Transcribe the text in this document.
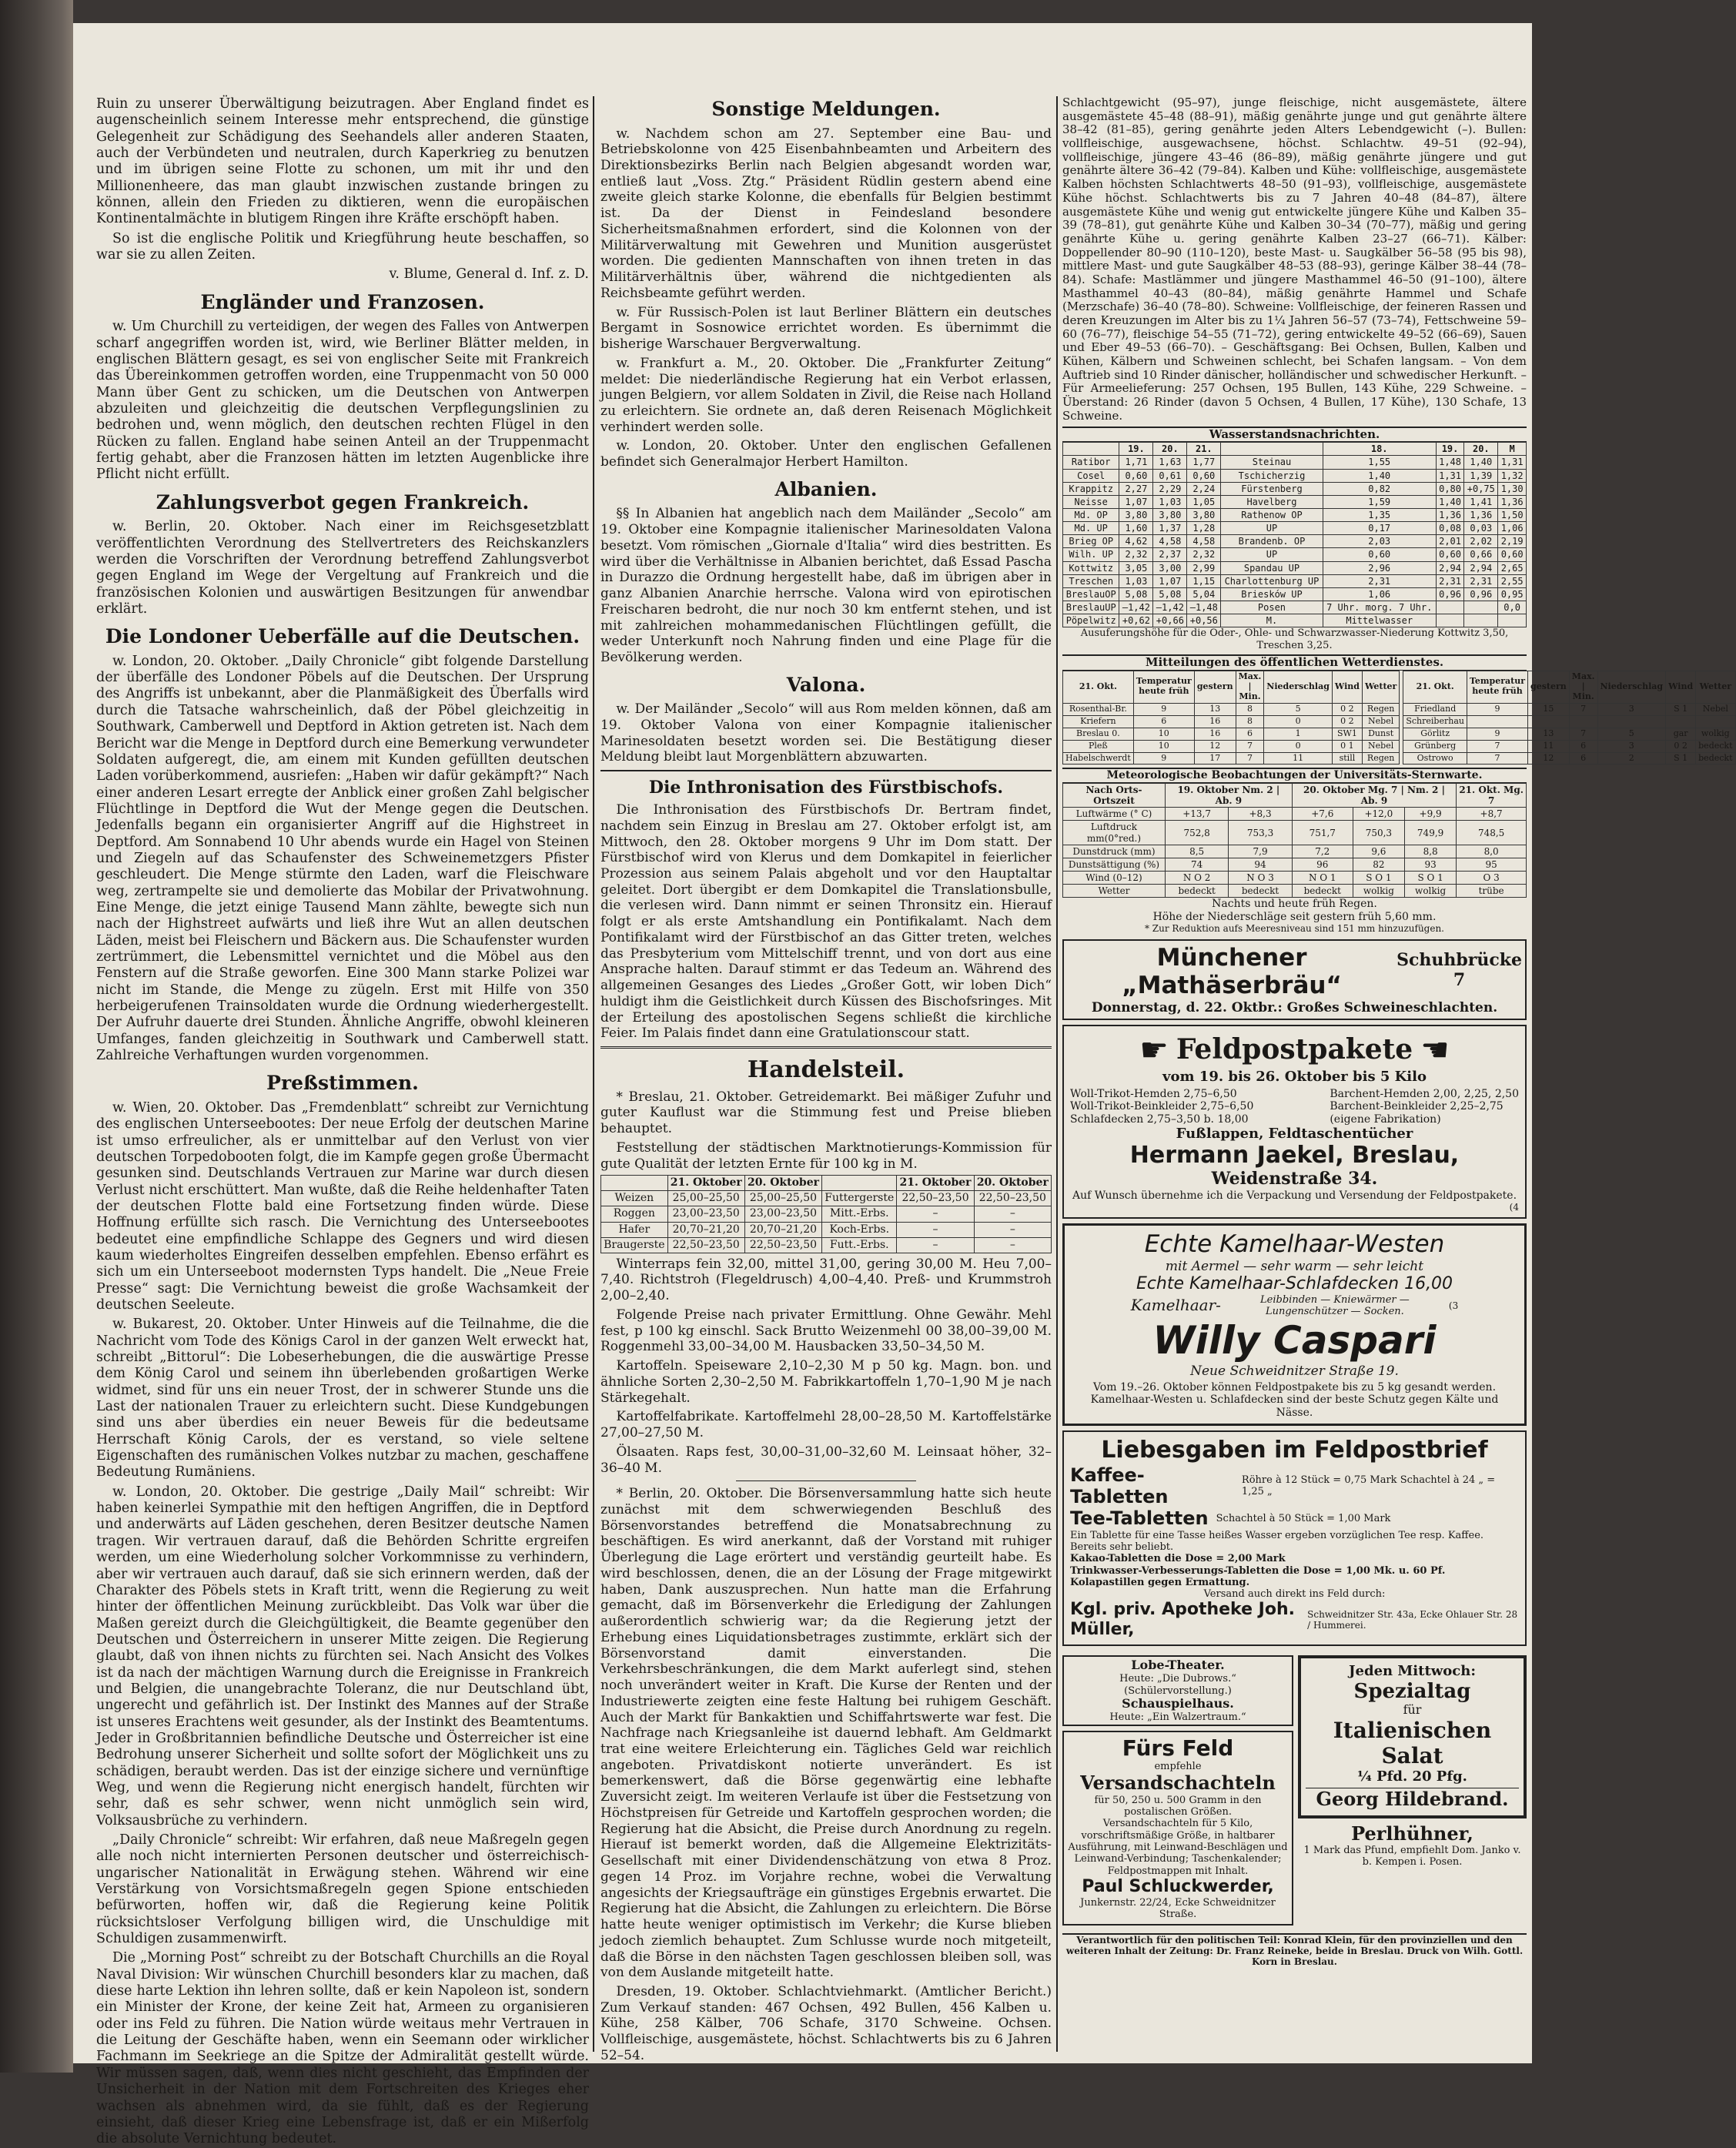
Ruin zu unserer Überwältigung beizutragen. Aber England findet es augenscheinlich seinem Interesse mehr entsprechend, die günstige Gelegenheit zur Schädigung des Seehandels aller anderen Staaten, auch der Verbündeten und neutralen, durch Kaperkrieg zu benutzen und im übrigen seine Flotte zu schonen, um mit ihr und den Millionenheere, das man glaubt inzwischen zustande bringen zu können, allein den Frieden zu diktieren, wenn die europäischen Kontinentalmächte in blutigem Ringen ihre Kräfte erschöpft haben.

So ist die englische Politik und Kriegführung heute beschaffen, so war sie zu allen Zeiten.

v. Blume, General d. Inf. z. D.
Engländer und Franzosen.

w. Um Churchill zu verteidigen, der wegen des Falles von Antwerpen scharf angegriffen worden ist, wird, wie Berliner Blätter melden, in englischen Blättern gesagt, es sei von englischer Seite mit Frankreich das Übereinkommen getroffen worden, eine Truppenmacht von 50 000 Mann über Gent zu schicken, um die Deutschen von Antwerpen abzuleiten und gleichzeitig die deutschen Verpflegungslinien zu bedrohen und, wenn möglich, den deutschen rechten Flügel in den Rücken zu fallen. England habe seinen Anteil an der Truppenmacht fertig gehabt, aber die Franzosen hätten im letzten Augenblicke ihre Pflicht nicht erfüllt.

Zahlungsverbot gegen Frankreich.

w. Berlin, 20. Oktober. Nach einer im Reichsgesetzblatt veröffentlichten Verordnung des Stellvertreters des Reichskanzlers werden die Vorschriften der Verordnung betreffend Zahlungsverbot gegen England im Wege der Vergeltung auf Frankreich und die französischen Kolonien und auswärtigen Besitzungen für anwendbar erklärt.

Die Londoner Ueberfälle auf die Deutschen.

w. London, 20. Oktober. „Daily Chronicle“ gibt folgende Darstellung der überfälle des Londoner Pöbels auf die Deutschen. Der Ursprung des Angriffs ist unbekannt, aber die Planmäßigkeit des Überfalls wird durch die Tatsache wahrscheinlich, daß der Pöbel gleichzeitig in Southwark, Camberwell und Deptford in Aktion getreten ist. Nach dem Bericht war die Menge in Deptford durch eine Bemerkung verwundeter Soldaten aufgeregt, die, am einem mit Kunden gefüllten deutschen Laden vorüberkommend, ausriefen: „Haben wir dafür gekämpft?“ Nach einer anderen Lesart erregte der Anblick einer großen Zahl belgischer Flüchtlinge in Deptford die Wut der Menge gegen die Deutschen. Jedenfalls begann ein organisierter Angriff auf die Highstreet in Deptford. Am Sonnabend 10 Uhr abends wurde ein Hagel von Steinen und Ziegeln auf das Schaufenster des Schweinemetzgers Pfister geschleudert. Die Menge stürmte den Laden, warf die Fleischware weg, zertrampelte sie und demolierte das Mobilar der Privatwohnung. Eine Menge, die jetzt einige Tausend Mann zählte, bewegte sich nun nach der Highstreet aufwärts und ließ ihre Wut an allen deutschen Läden, meist bei Fleischern und Bäckern aus. Die Schaufenster wurden zertrümmert, die Lebensmittel vernichtet und die Möbel aus den Fenstern auf die Straße geworfen. Eine 300 Mann starke Polizei war nicht im Stande, die Menge zu zügeln. Erst mit Hilfe von 350 herbeigerufenen Trainsoldaten wurde die Ordnung wiederhergestellt. Der Aufruhr dauerte drei Stunden. Ähnliche Angriffe, obwohl kleineren Umfanges, fanden gleichzeitig in Southwark und Camberwell statt. Zahlreiche Verhaftungen wurden vorgenommen.

Preßstimmen.

w. Wien, 20. Oktober. Das „Fremdenblatt“ schreibt zur Vernichtung des englischen Unterseebootes: Der neue Erfolg der deutschen Marine ist umso erfreulicher, als er unmittelbar auf den Verlust von vier deutschen Torpedobooten folgt, die im Kampfe gegen große Übermacht gesunken sind. Deutschlands Vertrauen zur Marine war durch diesen Verlust nicht erschüttert. Man wußte, daß die Reihe heldenhafter Taten der deutschen Flotte bald eine Fortsetzung finden würde. Diese Hoffnung erfüllte sich rasch. Die Vernichtung des Unterseebootes bedeutet eine empfindliche Schlappe des Gegners und wird diesen kaum wiederholtes Eingreifen desselben empfehlen. Ebenso erfährt es sich um ein Unterseeboot modernsten Typs handelt. Die „Neue Freie Presse“ sagt: Die Vernichtung beweist die große Wachsamkeit der deutschen Seeleute.

w. Bukarest, 20. Oktober. Unter Hinweis auf die Teilnahme, die die Nachricht vom Tode des Königs Carol in der ganzen Welt erweckt hat, schreibt „Bittorul“: Die Lobeserhebungen, die die auswärtige Presse dem König Carol und seinem ihn überlebenden großartigen Werke widmet, sind für uns ein neuer Trost, der in schwerer Stunde uns die Last der nationalen Trauer zu erleichtern sucht. Diese Kundgebungen sind uns aber überdies ein neuer Beweis für die bedeutsame Herrschaft König Carols, der es verstand, so viele seltene Eigenschaften des rumänischen Volkes nutzbar zu machen, geschaffene Bedeutung Rumäniens.

w. London, 20. Oktober. Die gestrige „Daily Mail“ schreibt: Wir haben keinerlei Sympathie mit den heftigen Angriffen, die in Deptford und anderwärts auf Läden geschehen, deren Besitzer deutsche Namen tragen. Wir vertrauen darauf, daß die Behörden Schritte ergreifen werden, um eine Wiederholung solcher Vorkommnisse zu verhindern, aber wir vertrauen auch darauf, daß sie sich erinnern werden, daß der Charakter des Pöbels stets in Kraft tritt, wenn die Regierung zu weit hinter der öffentlichen Meinung zurückbleibt. Das Volk war über die Maßen gereizt durch die Gleichgültigkeit, die Beamte gegenüber den Deutschen und Österreichern in unserer Mitte zeigen. Die Regierung glaubt, daß von ihnen nichts zu fürchten sei. Nach Ansicht des Volkes ist da nach der mächtigen Warnung durch die Ereignisse in Frankreich und Belgien, die unangebrachte Toleranz, die nur Deutschland übt, ungerecht und gefährlich ist. Der Instinkt des Mannes auf der Straße ist unseres Erachtens weit gesunder, als der Instinkt des Beamtentums. Jeder in Großbritannien befindliche Deutsche und Österreicher ist eine Bedrohung unserer Sicherheit und sollte sofort der Möglichkeit uns zu schädigen, beraubt werden. Das ist der einzige sichere und vernünftige Weg, und wenn die Regierung nicht energisch handelt, fürchten wir sehr, daß es sehr schwer, wenn nicht unmöglich sein wird, Volksausbrüche zu verhindern.

„Daily Chronicle“ schreibt: Wir erfahren, daß neue Maßregeln gegen alle noch nicht internierten Personen deutscher und österreichisch-ungarischer Nationalität in Erwägung stehen. Während wir eine Verstärkung von Vorsichtsmaßregeln gegen Spione entschieden befürworten, hoffen wir, daß die Regierung keine Politik rücksichtsloser Verfolgung billigen wird, die Unschuldige mit Schuldigen zusammenwirft.

Die „Morning Post“ schreibt zu der Botschaft Churchills an die Royal Naval Division: Wir wünschen Churchill besonders klar zu machen, daß diese harte Lektion ihn lehren sollte, daß er kein Napoleon ist, sondern ein Minister der Krone, der keine Zeit hat, Armeen zu organisieren oder ins Feld zu führen. Die Nation würde weitaus mehr Vertrauen in die Leitung der Geschäfte haben, wenn ein Seemann oder wirklicher Fachmann im Seekriege an die Spitze der Admiralität gestellt würde. Wir müssen sagen, daß, wenn dies nicht geschieht, das Empfinden der Unsicherheit in der Nation mit dem Fortschreiten des Krieges eher wachsen als abnehmen wird, da sie fühlt, daß es der Regierung einsieht, daß dieser Krieg eine Lebensfrage ist, daß er ein Mißerfolg die absolute Vernichtung bedeutet.

Sonstige Meldungen.

w. Nachdem schon am 27. September eine Bau- und Betriebskolonne von 425 Eisenbahnbeamten und Arbeitern des Direktionsbezirks Berlin nach Belgien abgesandt worden war, entließ laut „Voss. Ztg.“ Präsident Rüdlin gestern abend eine zweite gleich starke Kolonne, die ebenfalls für Belgien bestimmt ist. Da der Dienst in Feindesland besondere Sicherheitsmaßnahmen erfordert, sind die Kolonnen von der Militärverwaltung mit Gewehren und Munition ausgerüstet worden. Die gedienten Mannschaften von ihnen treten in das Militärverhältnis über, während die nichtgedienten als Reichsbeamte geführt werden.

w. Für Russisch-Polen ist laut Berliner Blättern ein deutsches Bergamt in Sosnowice errichtet worden. Es übernimmt die bisherige Warschauer Bergverwaltung.

w. Frankfurt a. M., 20. Oktober. Die „Frankfurter Zeitung“ meldet: Die niederländische Regierung hat ein Verbot erlassen, jungen Belgiern, vor allem Soldaten in Zivil, die Reise nach Holland zu erleichtern. Sie ordnete an, daß deren Reisenach Möglichkeit verhindert werden solle.

w. London, 20. Oktober. Unter den englischen Gefallenen befindet sich Generalmajor Herbert Hamilton.

Albanien.

§§ In Albanien hat angeblich nach dem Mailänder „Secolo“ am 19. Oktober eine Kompagnie italienischer Marinesoldaten Valona besetzt. Vom römischen „Giornale d'Italia“ wird dies bestritten. Es wird über die Verhältnisse in Albanien berichtet, daß Essad Pascha in Durazzo die Ordnung hergestellt habe, daß im übrigen aber in ganz Albanien Anarchie herrsche. Valona wird von epirotischen Freischaren bedroht, die nur noch 30 km entfernt stehen, und ist mit zahlreichen mohammedanischen Flüchtlingen gefüllt, die weder Unterkunft noch Nahrung finden und eine Plage für die Bevölkerung werden.

Valona.

w. Der Mailänder „Secolo“ will aus Rom melden können, daß am 19. Oktober Valona von einer Kompagnie italienischer Marinesoldaten besetzt worden sei. Die Bestätigung dieser Meldung bleibt laut Morgenblättern abzuwarten.

Die Inthronisation des Fürstbischofs.

Die Inthronisation des Fürstbischofs Dr. Bertram findet, nachdem sein Einzug in Breslau am 27. Oktober erfolgt ist, am Mittwoch, den 28. Oktober morgens 9 Uhr im Dom statt. Der Fürstbischof wird von Klerus und dem Domkapitel in feierlicher Prozession aus seinem Palais abgeholt und vor den Hauptaltar geleitet. Dort übergibt er dem Domkapitel die Translationsbulle, die verlesen wird. Dann nimmt er seinen Thronsitz ein. Hierauf folgt er als erste Amtshandlung ein Pontifikalamt. Nach dem Pontifikalamt wird der Fürstbischof an das Gitter treten, welches das Presbyterium vom Mittelschiff trennt, und von dort aus eine Ansprache halten. Darauf stimmt er das Tedeum an. Während des allgemeinen Gesanges des Liedes „Großer Gott, wir loben Dich“ huldigt ihm die Geistlichkeit durch Küssen des Bischofsringes. Mit der Erteilung des apostolischen Segens schließt die kirchliche Feier. Im Palais findet dann eine Gratulationscour statt.

Handelsteil.

* Breslau, 21. Oktober. Getreidemarkt. Bei mäßiger Zufuhr und guter Kauflust war die Stimmung fest und Preise blieben behauptet.

Feststellung der städtischen Marktnotierungs-Kommission für gute Qualität der letzten Ernte für 100 kg in M.

	21. Oktober	20. Oktober		21. Oktober	20. Oktober
Weizen	25,00–25,50	25,00–25,50	Futtergerste	22,50–23,50	22,50–23,50
Roggen	23,00–23,50	23,00–23,50	Mitt.-Erbs.	–	–
Hafer	20,70–21,20	20,70–21,20	Koch-Erbs.	–	–
Braugerste	22,50–23,50	22,50–23,50	Futt.-Erbs.	–	–

Winterraps fein 32,00, mittel 31,00, gering 30,00 M. Heu 7,00–7,40. Richtstroh (Flegeldrusch) 4,00–4,40. Preß- und Krummstroh 2,00–2,40.

Folgende Preise nach privater Ermittlung. Ohne Gewähr. Mehl fest, p 100 kg einschl. Sack Brutto Weizenmehl 00 38,00–39,00 M. Roggenmehl 33,00–34,00 M. Hausbacken 33,50–34,50 M.

Kartoffeln. Speiseware 2,10–2,30 M p 50 kg. Magn. bon. und ähnliche Sorten 2,30–2,50 M. Fabrikkartoffeln 1,70–1,90 M je nach Stärkegehalt.

Kartoffelfabrikate. Kartoffelmehl 28,00–28,50 M. Kartoffelstärke 27,00–27,50 M.

Ölsaaten. Raps fest, 30,00–31,00–32,60 M. Leinsaat höher, 32–36–40 M.

* Berlin, 20. Oktober. Die Börsenversammlung hatte sich heute zunächst mit dem schwerwiegenden Beschluß des Börsenvorstandes betreffend die Monatsabrechnung zu beschäftigen. Es wird anerkannt, daß der Vorstand mit ruhiger Überlegung die Lage erörtert und verständig geurteilt habe. Es wird beschlossen, denen, die an der Lösung der Frage mitgewirkt haben, Dank auszusprechen. Nun hatte man die Erfahrung gemacht, daß im Börsenverkehr die Erledigung der Zahlungen außerordentlich schwierig war; da die Regierung jetzt der Erhebung eines Liquidationsbetrages zustimmte, erklärt sich der Börsenvorstand damit einverstanden. Die Verkehrsbeschränkungen, die dem Markt auferlegt sind, stehen noch unverändert weiter in Kraft. Die Kurse der Renten und der Industriewerte zeigten eine feste Haltung bei ruhigem Geschäft. Auch der Markt für Bankaktien und Schiffahrtswerte war fest. Die Nachfrage nach Kriegsanleihe ist dauernd lebhaft. Am Geldmarkt trat eine weitere Erleichterung ein. Tägliches Geld war reichlich angeboten. Privatdiskont notierte unverändert. Es ist bemerkenswert, daß die Börse gegenwärtig eine lebhafte Zuversicht zeigt. Im weiteren Verlaufe ist über die Festsetzung von Höchstpreisen für Getreide und Kartoffeln gesprochen worden; die Regierung hat die Absicht, die Preise durch Anordnung zu regeln. Hierauf ist bemerkt worden, daß die Allgemeine Elektrizitäts-Gesellschaft mit einer Dividendenschätzung von etwa 8 Proz. gegen 14 Proz. im Vorjahre rechne, wobei die Verwaltung angesichts der Kriegsaufträge ein günstiges Ergebnis erwartet. Die Regierung hat die Absicht, die Zahlungen zu erleichtern. Die Börse hatte heute weniger optimistisch im Verkehr; die Kurse blieben jedoch ziemlich behauptet. Zum Schlusse wurde noch mitgeteilt, daß die Börse in den nächsten Tagen geschlossen bleiben soll, was von dem Auslande mitgeteilt hatte.

Dresden, 19. Oktober. Schlachtviehmarkt. (Amtlicher Bericht.) Zum Verkauf standen: 467 Ochsen, 492 Bullen, 456 Kalben u. Kühe, 258 Kälber, 706 Schafe, 3170 Schweine. Ochsen. Vollfleischige, ausgemästete, höchst. Schlachtwerts bis zu 6 Jahren 52–54.

Schlachtgewicht (95–97), junge fleischige, nicht ausgemästete, ältere ausgemästete 45–48 (88–91), mäßig genährte junge und gut genährte ältere 38–42 (81–85), gering genährte jeden Alters Lebendgewicht (–). Bullen: vollfleischige, ausgewachsene, höchst. Schlachtw. 49–51 (92–94), vollfleischige, jüngere 43–46 (86–89), mäßig genährte jüngere und gut genährte ältere 36–42 (79–84). Kalben und Kühe: vollfleischige, ausgemästete Kalben höchsten Schlachtwerts 48–50 (91–93), vollfleischige, ausgemästete Kühe höchst. Schlachtwerts bis zu 7 Jahren 40–48 (84–87), ältere ausgemästete Kühe und wenig gut entwickelte jüngere Kühe und Kalben 35–39 (78–81), gut genährte Kühe und Kalben 30–34 (70–77), mäßig und gering genährte Kühe u. gering genährte Kalben 23–27 (66–71). Kälber: Doppellender 80–90 (110–120), beste Mast- u. Saugkälber 56–58 (95 bis 98), mittlere Mast- und gute Saugkälber 48–53 (88–93), geringe Kälber 38–44 (78–84). Schafe: Mastlämmer und jüngere Masthammel 46–50 (91–100), ältere Masthammel 40–43 (80–84), mäßig genährte Hammel und Schafe (Merzschafe) 36–40 (78–80). Schweine: Vollfleischige, der feineren Rassen und deren Kreuzungen im Alter bis zu 1¼ Jahren 56–57 (73–74), Fettschweine 59–60 (76–77), fleischige 54–55 (71–72), gering entwickelte 49–52 (66–69), Sauen und Eber 49–53 (66–70). – Geschäftsgang: Bei Ochsen, Bullen, Kalben und Kühen, Kälbern und Schweinen schlecht, bei Schafen langsam. – Von dem Auftrieb sind 10 Rinder dänischer, holländischer und schwedischer Herkunft. – Für Armeelieferung: 257 Ochsen, 195 Bullen, 143 Kühe, 229 Schweine. – Überstand: 26 Rinder (davon 5 Ochsen, 4 Bullen, 17 Kühe), 130 Schafe, 13 Schweine.

Wasserstandsnachrichten.
	19.	20.	21.		18.	19.	20.	M
Ratibor	1,71	1,63	1,77	Steinau	1,55	1,48	1,40	1,31
Cosel	0,60	0,61	0,60	Tschicherzig	1,40	1,31	1,39	1,32
Krappitz	2,27	2,29	2,24	Fürstenberg	0,82	0,80	+0,75	1,30
Neisse	1,07	1,03	1,05	Havelberg	1,59	1,40	1,41	1,36
Md. OP	3,80	3,80	3,80	Rathenow OP	1,35	1,36	1,36	1,50
Md. UP	1,60	1,37	1,28	UP	0,17	0,08	0,03	1,06
Brieg OP	4,62	4,58	4,58	Brandenb. OP	2,03	2,01	2,02	2,19
Wilh. UP	2,32	2,37	2,32	UP	0,60	0,60	0,66	0,60
Kottwitz	3,05	3,00	2,99	Spandau UP	2,96	2,94	2,94	2,65
Treschen	1,03	1,07	1,15	Charlottenburg UP	2,31	2,31	2,31	2,55
BreslauOP	5,08	5,08	5,04	Briesków UP	1,06	0,96	0,96	0,95
BreslauUP	–1,42	–1,42	–1,48	Posen	7 Uhr. morg. 7 Uhr.			0,0
Pöpelwitz	+0,62	+0,66	+0,56	M.	Mittelwasser			
Ausuferungshöhe für die Oder-, Ohle- und Schwarzwasser-Niederung Kottwitz 3,50, Treschen 3,25.
Mitteilungen des öffentlichen Wetterdienstes.
21. Okt.	Temperatur heute früh	gestern	Max. | Min.	Niederschlag	Wind	Wetter
Rosenthal-Br.	9	13	8	5	0 2	Regen
Kriefern	6	16	8	0	0 2	Nebel
Breslau 0.	10	16	6	1	SW1	Dunst
Pleß	10	12	7	0	0 1	Nebel
Habelschwerdt	9	17	7	11	still	Regen
21. Okt.	Temperatur heute früh	gestern	Max. | Min.	Niederschlag	Wind	Wetter
Friedland	9	15	7	3	S 1	Nebel
Schreiberhau						
Görlitz	9	13	7	5	gar	wolkig
Grünberg	7	11	6	3	0 2	bedeckt
Ostrowo	7	12	6	2	S 1	bedeckt
Meteorologische Beobachtungen der Universitäts-Sternwarte.
Nach Orts-Ortszeit	19. Oktober Nm. 2 | Ab. 9		20. Oktober Mg. 7 | Nm. 2 | Ab. 9			21. Okt. Mg. 7
Luftwärme (° C)	+13,7	+8,3	+7,6	+12,0	+9,9	+8,7
Luftdruck mm(0°red.)	752,8	753,3	751,7	750,3	749,9	748,5
Dunstdruck (mm)	8,5	7,9	7,2	9,6	8,8	8,0
Dunstsättigung (%)	74	94	96	82	93	95
Wind (0–12)	N O 2	N O 3	N O 1	S O 1	S O 1	O 3
Wetter	bedeckt	bedeckt	bedeckt	wolkig	wolkig	trübe
Nachts und heute früh Regen.
Höhe der Niederschläge seit gestern früh 5,60 mm.
* Zur Reduktion aufs Meeresniveau sind 151 mm hinzuzufügen.
Münchener „Mathäserbräu“
Schuhbrücke 7
Donnerstag, d. 22. Oktbr.: Großes Schweineschlachten.
☛ Feldpostpakete ☚
vom 19. bis 26. Oktober bis 5 Kilo
Woll-Trikot-Hemden 2,75–6,50
Woll-Trikot-Beinkleider 2,75–6,50
Schlafdecken 2,75–3,50 b. 18,00
Barchent-Hemden 2,00, 2,25, 2,50
Barchent-Beinkleider 2,25–2,75
(eigene Fabrikation)
Fußlappen, Feldtaschentücher
Hermann Jaekel, Breslau,
Weidenstraße 34.
Auf Wunsch übernehme ich die Verpackung und Versendung der Feldpostpakete.
(4
Echte Kamelhaar-Westen
mit Aermel — sehr warm — sehr leicht
Echte Kamelhaar-Schlafdecken 16,00
Kamelhaar-	Leibbinden — Kniewärmer — Lungenschützer — Socken.
(3
Willy Caspari
Neue Schweidnitzer Straße 19.
Vom 19.–26. Oktober können Feldpostpakete bis zu 5 kg gesandt werden. Kamelhaar-Westen u. Schlafdecken sind der beste Schutz gegen Kälte und Nässe.
Liebesgaben im Feldpostbrief
Kaffee-Tabletten
Röhre à 12 Stück = 0,75 Mark Schachtel à 24 „ = 1,25 „
Tee-Tabletten Schachtel à 50 Stück = 1,00 Mark
Ein Tablette für eine Tasse heißes Wasser ergeben vorzüglichen Tee resp. Kaffee. Bereits sehr beliebt.
Kakao-Tabletten die Dose = 2,00 Mark
Trinkwasser-Verbesserungs-Tabletten die Dose = 1,00 Mk. u. 60 Pf.
Kolapastillen gegen Ermattung.
Versand auch direkt ins Feld durch:
Kgl. priv. Apotheke Joh. Müller,
Schweidnitzer Str. 43a, Ecke Ohlauer Str. 28 / Hummerei.
Lobe-Theater.
Heute: „Die Dubrows.“ (Schülervorstellung.)
Schauspielhaus.
Heute: „Ein Walzertraum.“
Fürs Feld
empfehle
Versandschachteln
für 50, 250 u. 500 Gramm in den postalischen Größen.
Versandschachteln für 5 Kilo, vorschriftsmäßige Größe, in haltbarer Ausführung, mit Leinwand-Beschlägen und Leinwand-Verbindung; Taschenkalender; Feldpostmappen mit Inhalt.
Paul Schluckwerder,
Junkernstr. 22/24, Ecke Schweidnitzer Straße.
Jeden Mittwoch:
Spezialtag
für
Italienischen Salat
¼ Pfd. 20 Pfg.
Georg Hildebrand.
Perlhühner,
1 Mark das Pfund, empfiehlt Dom. Janko v. b. Kempen i. Posen.
Verantwortlich für den politischen Teil: Konrad Klein, für den provinziellen und den weiteren Inhalt der Zeitung: Dr. Franz Reineke, beide in Breslau. Druck von Wilh. Gottl. Korn in Breslau.
